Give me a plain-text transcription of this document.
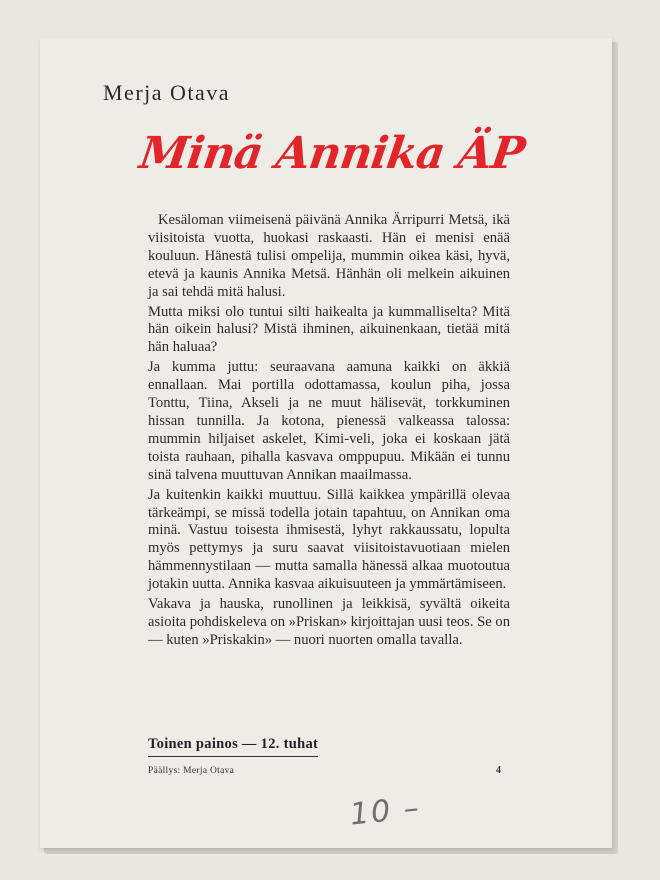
Merja Otava
Minä Annika ÄP

Kesäloman viimeisenä päivänä Annika Ärripurri Metsä, ikä viisitoista vuotta, huokasi raskaasti. Hän ei menisi enää kouluun. Hänestä tulisi ompelija, mummin oikea käsi, hyvä, etevä ja kaunis Annika Metsä. Hänhän oli melkein aikuinen ja sai tehdä mitä halusi.

Mutta miksi olo tuntui silti haikealta ja kummalliselta? Mitä hän oikein halusi? Mistä ihminen, aikuinenkaan, tietää mitä hän haluaa?

Ja kumma juttu: seuraavana aamuna kaikki on äkkiä ennallaan. Mai portilla odottamassa, koulun piha, jossa Tonttu, Tiina, Akseli ja ne muut hälisevät, torkkuminen hissan tunnilla. Ja kotona, pienessä valkeassa talossa: mummin hiljaiset askelet, Kimi-veli, joka ei koskaan jätä toista rauhaan, pihalla kasvava omppupuu. Mikään ei tunnu sinä talvena muuttuvan Annikan maailmassa.

Ja kuitenkin kaikki muuttuu. Sillä kaikkea ympärillä olevaa tärkeämpi, se missä todella jotain tapahtuu, on Annikan oma minä. Vastuu toisesta ihmisestä, lyhyt rakkaussatu, lopulta myös pettymys ja suru saavat viisitoistavuotiaan mielen hämmennystilaan — mutta samalla hänessä alkaa muotoutua jotakin uutta. Annika kasvaa aikuisuuteen ja ymmärtämiseen.

Vakava ja hauska, runollinen ja leikkisä, syvältä oikeita asioita pohdiskeleva on »Priskan» kirjoittajan uusi teos. Se on — kuten »Priskakin» — nuori nuorten omalla tavalla.

Toinen painos — 12. tuhat
Päällys: Merja Otava	4
10 –
